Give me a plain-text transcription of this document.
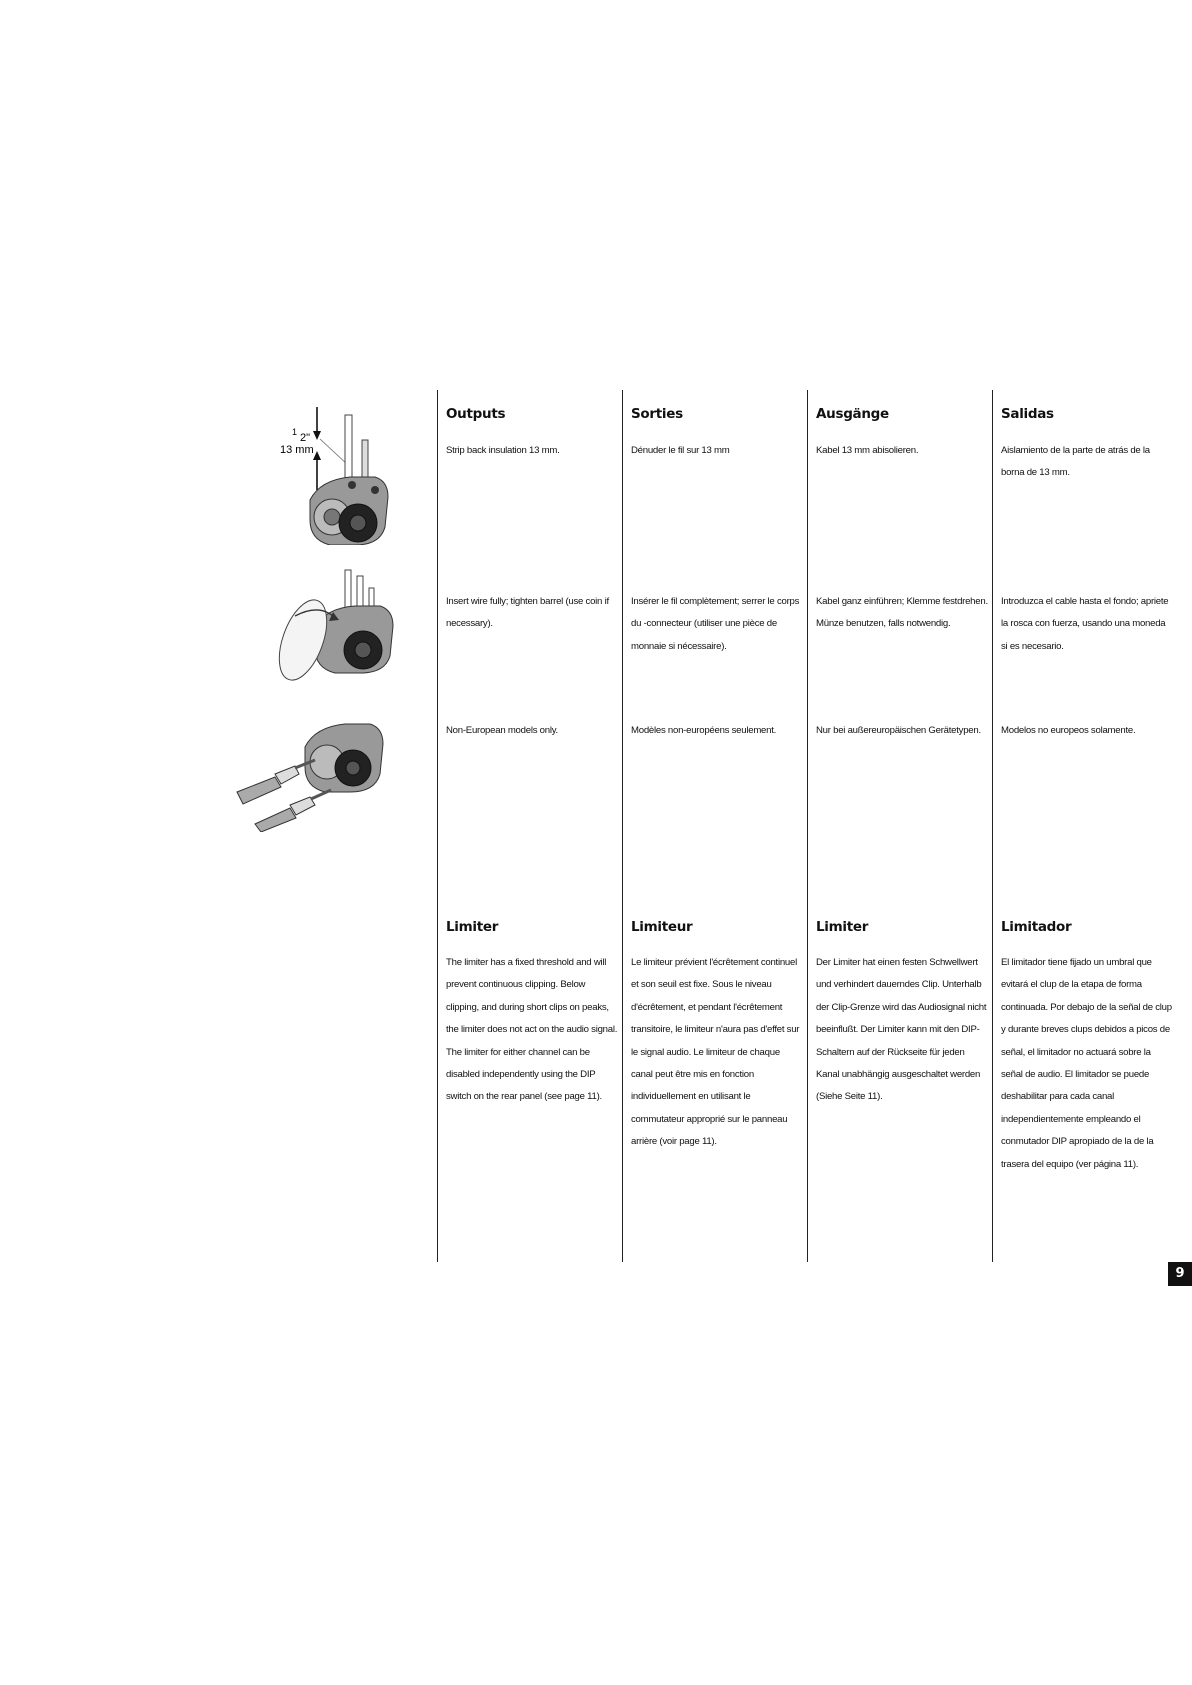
1 2"
13 mm
Outputs
Strip back insulation 13 mm.
Insert wire fully; tighten barrel (use coin if necessary).
Non-European models only.
Limiter
The limiter has a fixed threshold and will prevent continuous clipping. Below clipping, and during short clips on peaks, the limiter does not act on the audio signal. The limiter for either channel can be disabled independently using the DIP switch on the rear panel (see page 11).
Sorties
Dénuder le fil sur 13 mm
Insérer le fil complètement; serrer le corps du -connecteur (utiliser une pièce de monnaie si nécessaire).
Modèles non-européens seulement.
Limiteur
Le limiteur prévient l'écrêtement continuel et son seuil est fixe. Sous le niveau d'écrêtement, et pendant l'écrêtement transitoire, le limiteur n'aura pas d'effet sur le signal audio. Le limiteur de chaque canal peut être mis en fonction individuellement en utilisant le commutateur approprié sur le panneau arrière (voir page 11).
Ausgänge
Kabel 13 mm abisolieren.
Kabel ganz einführen; Klemme festdrehen. Münze benutzen, falls notwendig.
Nur bei außereuropäischen Gerätetypen.
Limiter
Der Limiter hat einen festen Schwellwert und verhindert dauerndes Clip. Unterhalb der Clip-Grenze wird das Audiosignal nicht beeinflußt. Der Limiter kann mit den DIP-Schaltern auf der Rückseite für jeden Kanal unabhängig ausgeschaltet werden (Siehe Seite 11).
Salidas
Aislamiento de la parte de atrás de la borna de 13 mm.
Introduzca el cable hasta el fondo; apriete la rosca con fuerza, usando una moneda si es necesario.
Modelos no europeos solamente.
Limitador
El limitador tiene fijado un umbral que evitará el clup de la etapa de forma continuada. Por debajo de la señal de clup y durante breves clups debidos a picos de señal, el limitador no actuará sobre la señal de audio. El limitador se puede deshabilitar para cada canal independientemente empleando el conmutador DIP apropiado de la de la trasera del equipo (ver página 11).
9
